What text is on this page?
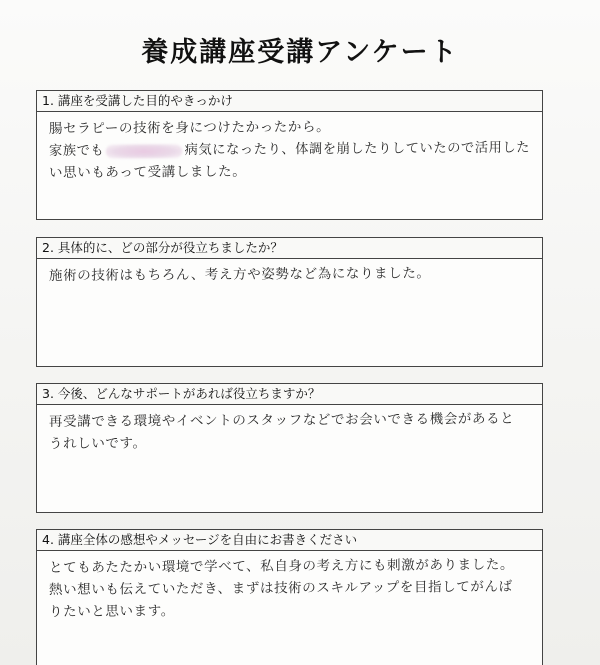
養成講座受講アンケート
1. 講座を受講した目的やきっかけ
腸セラピーの技術を身につけたかったから。
家族でも	病気になったり、体調を崩したりしていたので活用した
い思いもあって受講しました。
2. 具体的に、どの部分が役立ちましたか？
施術の技術はもちろん、考え方や姿勢など為になりました。
3. 今後、どんなサポートがあれば役立ちますか？
再受講できる環境やイベントのスタッフなどでお会いできる機会があると
うれしいです。
4. 講座全体の感想やメッセージを自由にお書きください
とてもあたたかい環境で学べて、私自身の考え方にも刺激がありました。
熱い想いも伝えていただき、まずは技術のスキルアップを目指してがんば
りたいと思います。
